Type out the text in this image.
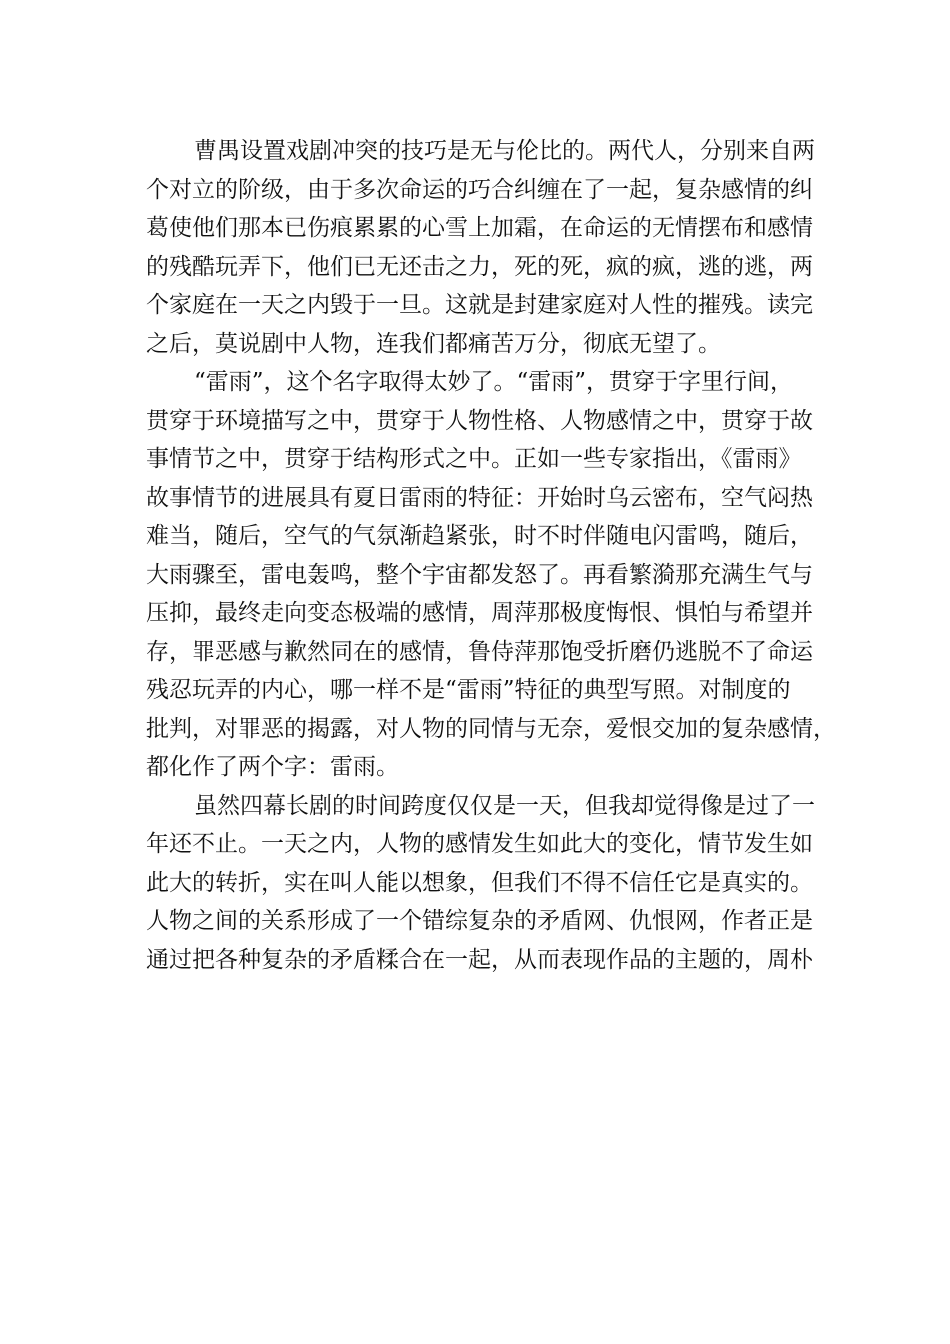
曹禺设置戏剧冲突的技巧是无与伦比的。两代人，分别来自两
个对立的阶级，由于多次命运的巧合纠缠在了一起，复杂感情的纠
葛使他们那本已伤痕累累的心雪上加霜，在命运的无情摆布和感情
的残酷玩弄下，他们已无还击之力，死的死，疯的疯，逃的逃，两
个家庭在一天之内毁于一旦。这就是封建家庭对人性的摧残。读完
之后，莫说剧中人物，连我们都痛苦万分，彻底无望了。
“雷雨”，这个名字取得太妙了。“雷雨”，贯穿于字里行间，
贯穿于环境描写之中，贯穿于人物性格、人物感情之中，贯穿于故
事情节之中，贯穿于结构形式之中。正如一些专家指出，《雷雨》
故事情节的进展具有夏日雷雨的特征：开始时乌云密布，空气闷热
难当，随后，空气的气氛渐趋紧张，时不时伴随电闪雷鸣，随后，
大雨骤至，雷电轰鸣，整个宇宙都发怒了。再看繁漪那充满生气与
压抑，最终走向变态极端的感情，周萍那极度悔恨、惧怕与希望并
存，罪恶感与歉然同在的感情，鲁侍萍那饱受折磨仍逃脱不了命运
残忍玩弄的内心，哪一样不是“雷雨”特征的典型写照。对制度的
批判，对罪恶的揭露，对人物的同情与无奈，爱恨交加的复杂感情，
都化作了两个字：雷雨。
虽然四幕长剧的时间跨度仅仅是一天，但我却觉得像是过了一
年还不止。一天之内，人物的感情发生如此大的变化，情节发生如
此大的转折，实在叫人能以想象，但我们不得不信任它是真实的。
人物之间的关系形成了一个错综复杂的矛盾网、仇恨网，作者正是
通过把各种复杂的矛盾糅合在一起，从而表现作品的主题的，周朴
